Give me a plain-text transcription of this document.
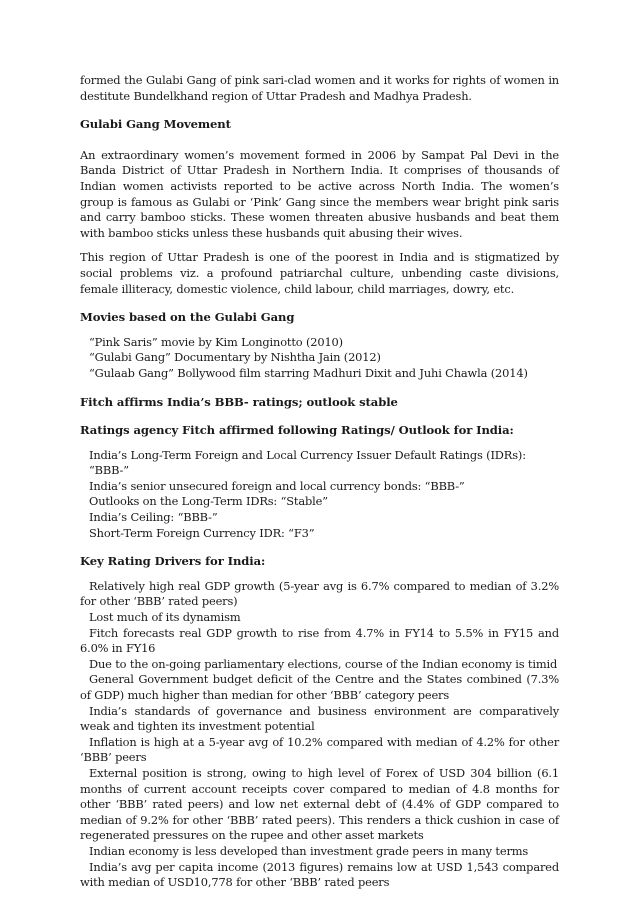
formed the Gulabi Gang of pink sari-clad women and it works for rights of women in destitute Bundelkhand region of Uttar Pradesh and Madhya Pradesh.

Gulabi Gang Movement

An extraordinary women’s movement formed in 2006 by Sampat Pal Devi in the Banda District of Uttar Pradesh in Northern India. It comprises of thousands of Indian women activists reported to be active across North India. The women’s group is famous as Gulabi or ‘Pink’ Gang since the members wear bright pink saris and carry bamboo sticks. These women threaten abusive husbands and beat them with bamboo sticks unless these husbands quit abusing their wives.

This region of Uttar Pradesh is one of the poorest in India and is stigmatized by social problems viz. a profound patriarchal culture, unbending caste divisions, female illiteracy, domestic violence, child labour, child marriages, dowry, etc.

Movies based on the Gulabi Gang

“Pink Saris” movie by Kim Longinotto (2010)
“Gulabi Gang” Documentary by Nishtha Jain (2012)
“Gulaab Gang” Bollywood film starring Madhuri Dixit and Juhi Chawla (2014)

Fitch affirms India’s BBB- ratings; outlook stable

Ratings agency Fitch affirmed following Ratings/ Outlook for India:

India’s Long-Term Foreign and Local Currency Issuer Default Ratings (IDRs): “BBB-”
India’s senior unsecured foreign and local currency bonds: “BBB-”
Outlooks on the Long-Term IDRs: “Stable”
India’s Ceiling: “BBB-”
Short-Term Foreign Currency IDR: “F3”

Key Rating Drivers for India:

Relatively high real GDP growth (5-year avg is 6.7% compared to median of 3.2% for other ‘BBB’ rated peers)
Lost much of its dynamism
Fitch forecasts real GDP growth to rise from 4.7% in FY14 to 5.5% in FY15 and 6.0% in FY16
Due to the on-going parliamentary elections, course of the Indian economy is timid
General Government budget deficit of the Centre and the States combined (7.3% of GDP) much higher than median for other ‘BBB’ category peers
India’s standards of governance and business environment are comparatively weak and tighten its investment potential
Inflation is high at a 5-year avg of 10.2% compared with median of 4.2% for other ‘BBB’ peers
External position is strong, owing to high level of Forex of USD 304 billion (6.1 months of current account receipts cover compared to median of 4.8 months for other ‘BBB’ rated peers) and low net external debt of (4.4% of GDP compared to median of 9.2% for other ‘BBB’ rated peers). This renders a thick cushion in case of regenerated pressures on the rupee and other asset markets
Indian economy is less developed than investment grade peers in many terms
India’s avg per capita income (2013 figures) remains low at USD 1,543 compared with median of USD10,778 for other ‘BBB’ rated peers
